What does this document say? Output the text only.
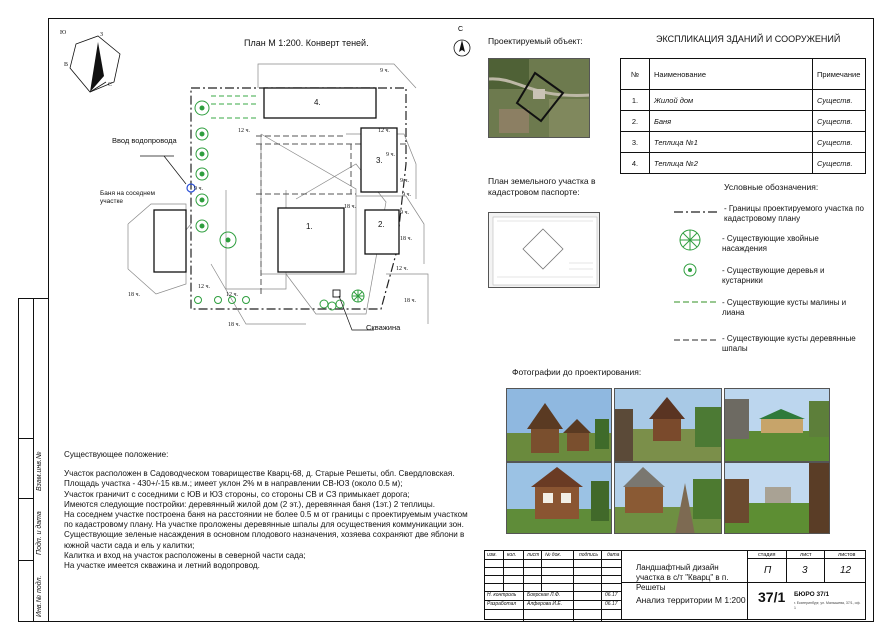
Взам.инв.№
Подп. и дата
Инв.№ подл.
План М 1:200. Конверт теней.
4.
3.
1.	2.
Ввод водопровода
Баня на соседнем участке
Скважина
Ю	З
В
С
9 ч.
12 ч.
12 ч.
9 ч.
9 ч.
9 ч.
18 ч.
9 ч.
12 ч.
18 ч.
18 ч.
12 ч.
18 ч.
9 ч.
12 ч.
18 ч.
С
Проектируемый объект:
План земельного участка в кадастровом паспорте:
ЭКСПЛИКАЦИЯ ЗДАНИЙ И СООРУЖЕНИЙ
№	Наименование	Примечание
1.	Жилой дом	Существ.
2.	Баня	Существ.
3.	Теплица №1	Существ.
4.	Теплица №2	Существ.
Условные обозначения:
- Границы проектируемого участка по кадастровому плану
- Существующие хвойные насаждения
- Существующие деревья и кустарники
- Существующие кусты малины и лиана
- Существующие кусты деревянные шпалы
Фотографии до проектирования:

Существующее положение:

Участок расположен в Садоводческом товариществе Кварц-68, д. Старые Решеты, обл. Свердловская.

Площадь участка - 430+/-15 кв.м.; имеет уклон 2% м в направлении СВ-ЮЗ (около 0.5 м);

Участок граничит с соседними с ЮВ и ЮЗ стороны, со стороны СВ и СЗ примыкает дорога;

Имеются следующие постройки: деревянный жилой дом (2 эт.), деревянная баня (1эт.) 2 теплицы.

На соседнем участке построена баня на расстоянии не более 0.5 м от границы с проектируемым участком по кадастровому плану. На участке проложены деревянные шпалы для осуществения коммуникации зон.

Существующие зеленые насаждения в основном плодового назначения, хозяева сохраняют две яблони в южной части сада и ель у калитки;

Калитка и вход на участок расположены в северной части сада;

На участке имеется скважина и летний водопровод.

изм. кол. лист № док.	подпись дата
Н. контроль Боярская Л.Ф.	06.17
Разработал Алферова И.Е.	06.17
Ландшафтный дизайн участка в с/т "Кварц" в п. Решеты
Анализ территории М 1:200
стадия	лист	листов
П	3	12
37/1 БЮРО 37/1
г. Екатеринбург, ул. Малышева, 37/1, оф. 1
